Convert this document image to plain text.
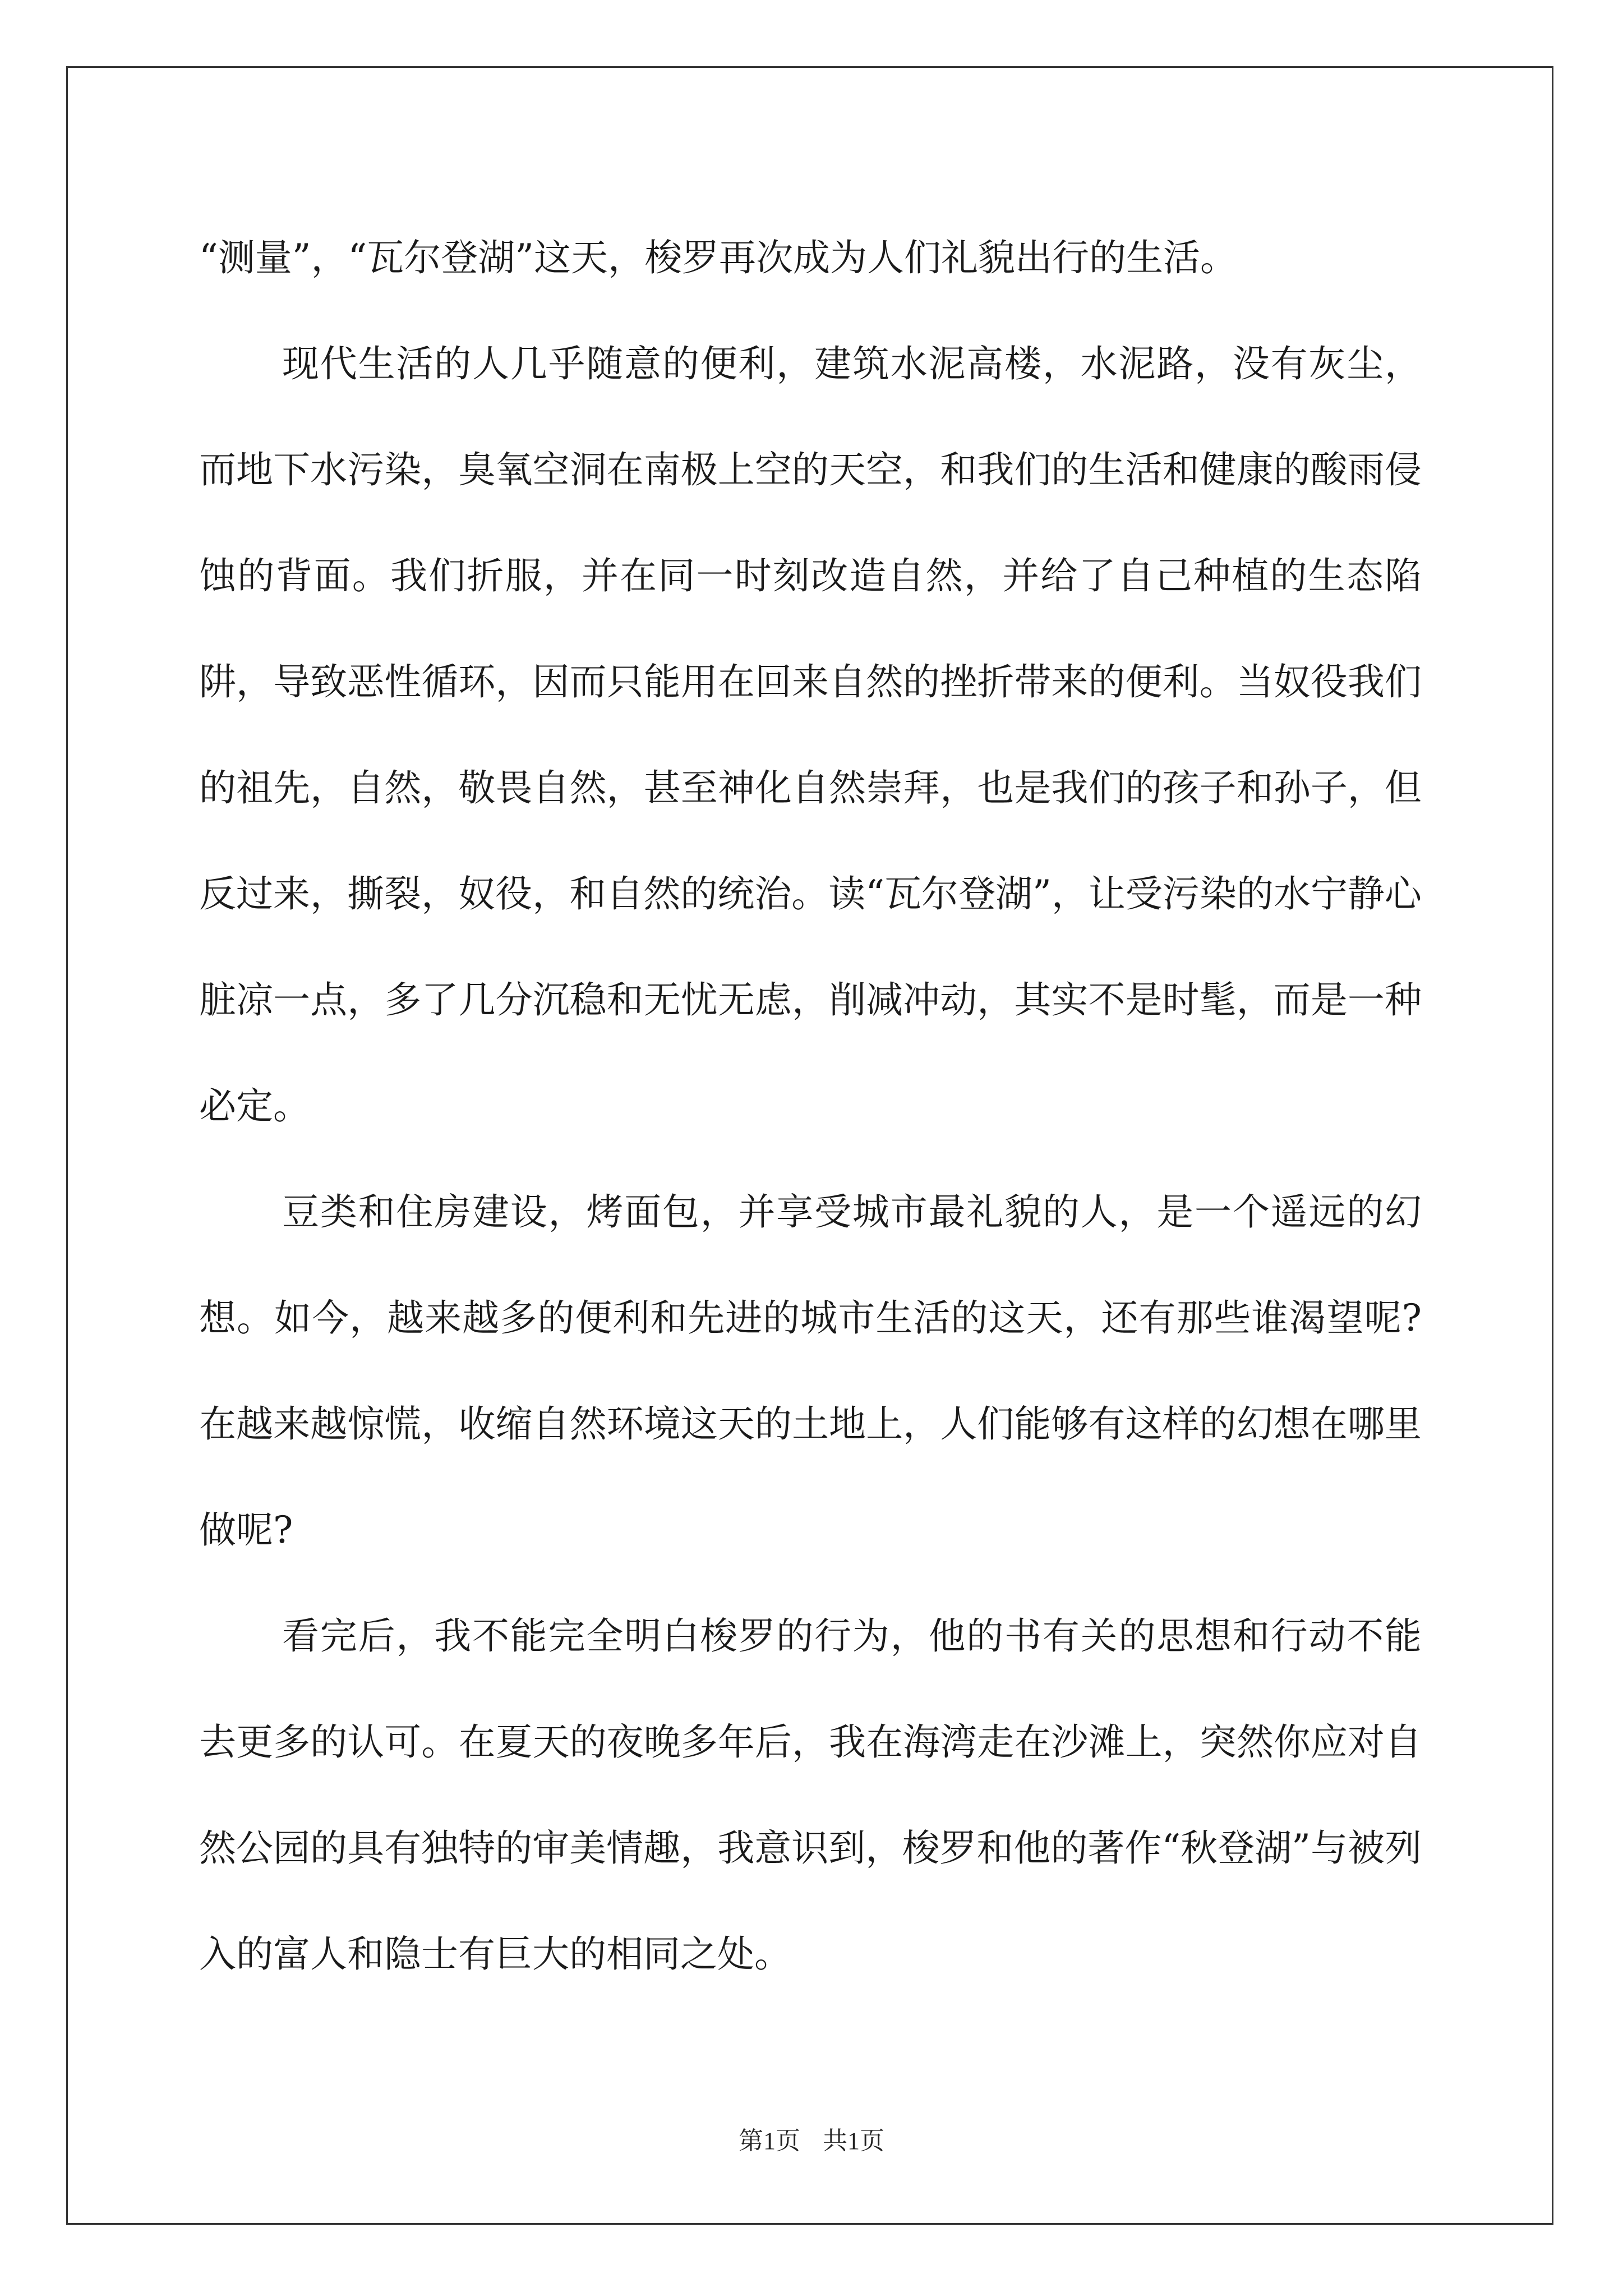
“测量”，“瓦尔登湖”这天，梭罗再次成为人们礼貌出行的生活。

现代生活的人几乎随意的便利，建筑水泥高楼，水泥路，没有灰尘，而地下水污染，臭氧空洞在南极上空的天空，和我们的生活和健康的酸雨侵蚀的背面。我们折服，并在同一时刻改造自然，并给了自己种植的生态陷阱，导致恶性循环，因而只能用在回来自然的挫折带来的便利。当奴役我们的祖先，自然，敬畏自然，甚至神化自然崇拜，也是我们的孩子和孙子，但反过来，撕裂，奴役，和自然的统治。读“瓦尔登湖”，让受污染的水宁静心脏凉一点，多了几分沉稳和无忧无虑，削减冲动，其实不是时髦，而是一种必定。

豆类和住房建设，烤面包，并享受城市最礼貌的人，是一个遥远的幻想。如今，越来越多的便利和先进的城市生活的这天，还有那些谁渴望呢?在越来越惊慌，收缩自然环境这天的土地上，人们能够有这样的幻想在哪里做呢?

看完后，我不能完全明白梭罗的行为，他的书有关的思想和行动不能去更多的认可。在夏天的夜晚多年后，我在海湾走在沙滩上，突然你应对自然公园的具有独特的审美情趣，我意识到，梭罗和他的著作“秋登湖”与被列入的富人和隐士有巨大的相同之处。

第1页 共1页
